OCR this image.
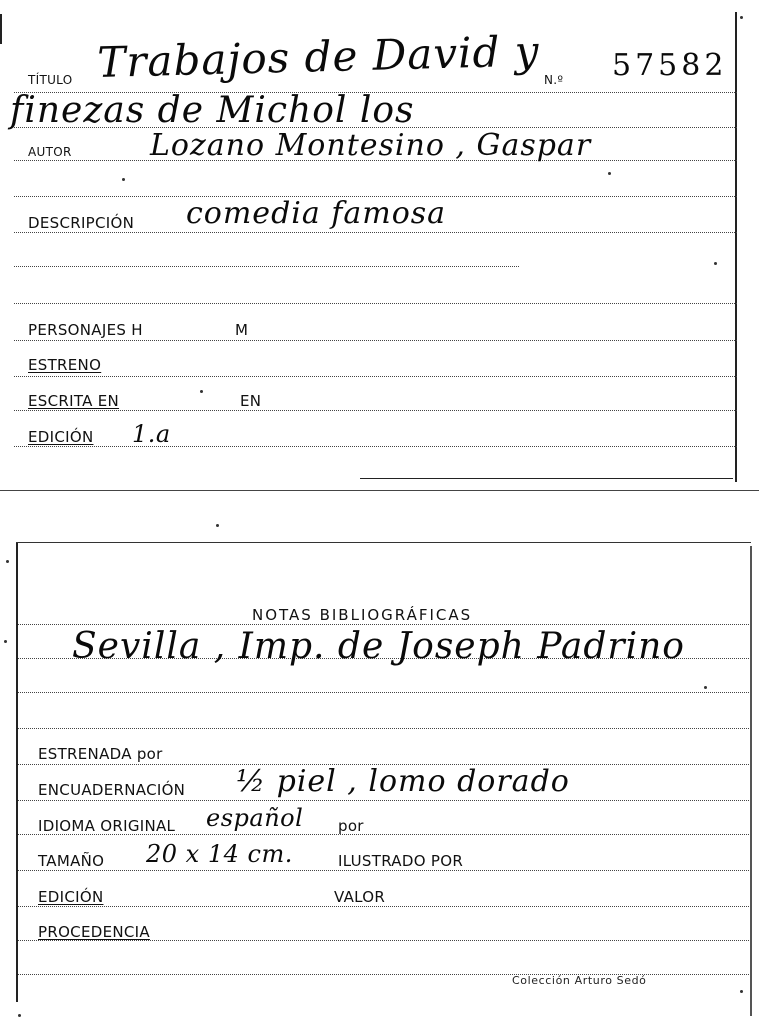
TÍTULO Trabajos de David y N.º 57582
finezas de Michol los
AUTOR	Lozano Montesino , Gaspar
DESCRIPCIÓN comedia famosa
PERSONAJES H	M
ESTRENO
ESCRITA EN	EN
EDICIÓN 1.a
NOTAS BIBLIOGRÁFICAS
Sevilla , Imp. de Joseph Padrino
ESTRENADA por
ENCUADERNACIÓN ½ piel , lomo dorado
IDIOMA ORIGINAL español por
TAMAÑO 20 x 14 cm.	ILUSTRADO POR
EDICIÓN	VALOR
PROCEDENCIA
Colección Arturo Sedó
